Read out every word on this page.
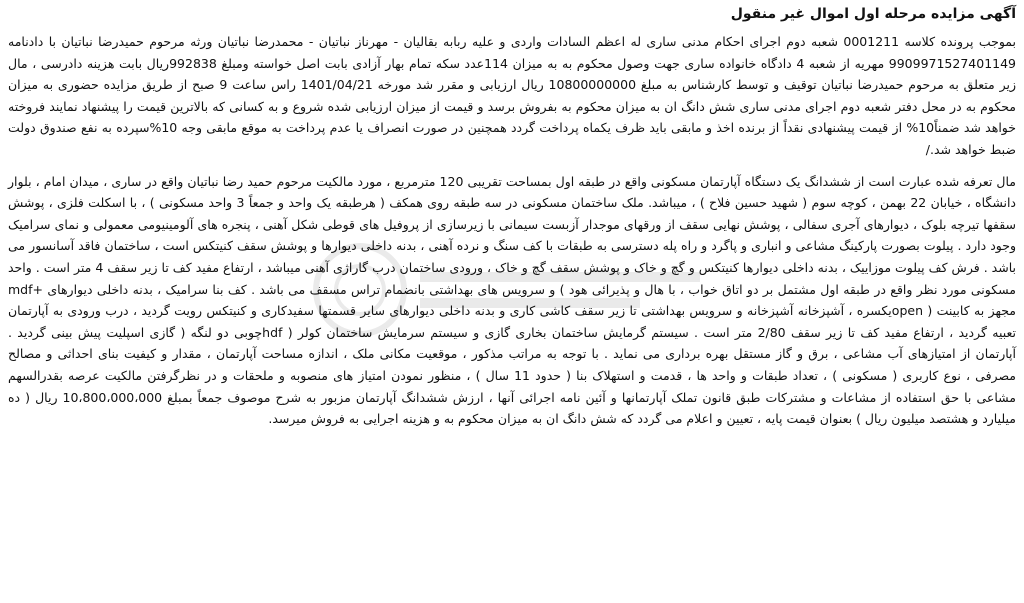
آگهی مزایده مرحله اول اموال غیر منقول

بموجب پرونده کلاسه 0001211 شعبه دوم اجرای احکام مدنی ساری له اعظم السادات واردی و علیه ربابه بقالیان - مهرناز نباتیان - محمدرضا نباتیان ورثه مرحوم حمیدرضا نباتیان با دادنامه 9909971527401149 مهریه از شعبه 4 دادگاه خانواده ساری جهت وصول محکوم به به میزان 114عدد سکه تمام بهار آزادی بابت اصل خواسته ومبلغ 992838ریال بابت هزینه دادرسی ، مال زیر متعلق به مرحوم حمیدرضا نباتیان توقیف و توسط کارشناس به مبلغ 10800000000 ریال ارزیابی و مقرر شد مورخه 1401/04/21 راس ساعت 9 صبح از طریق مزایده حضوری به میزان محکوم به در محل دفتر شعبه دوم اجرای مدنی ساری شش دانگ ان به میزان محکوم به بفروش برسد و قیمت از میزان ارزیابی شده شروع و به کسانی که بالاترین قیمت را پیشنهاد نمایند فروخته خواهد شد ضمناً10% از قیمت پیشنهادی نقداً از برنده اخذ و مابقی باید ظرف یکماه پرداخت گردد همچنین در صورت انصراف یا عدم پرداخت به موقع مابقی وجه 10%سپرده به نفع صندوق دولت ضبط خواهد شد./

مال تعرفه شده عبارت است از ششدانگ یک دستگاه آپارتمان مسکونی واقع در طبقه اول بمساحت تقریبی 120 مترمربع ، مورد مالکیت مرحوم حمید رضا نباتیان واقع در ساری ، میدان امام ، بلوار دانشگاه ، خیابان 22 بهمن ، کوچه سوم ( شهید حسین فلاح ) ، میباشد. ملک ساختمان مسکونی در سه طبقه روی همکف ( هرطبقه یک واحد و جمعاً 3 واحد مسکونی ) ، با اسکلت فلزی ، پوشش سقفها تیرچه بلوک ، دیوارهای آجری سفالی ، پوشش نهایی سقف از ورقهای موجدار آزبست سیمانی با زیرسازی از پروفیل های قوطی شکل آهنی ، پنجره های آلومینیومی معمولی و نمای سرامیک وجود دارد . پیلوت بصورت پارکینگ مشاعی و انباری و پاگرد و راه پله دسترسی به طبقات با کف سنگ و نرده آهنی ، بدنه داخلی دیوارها و پوشش سقف کنیتکس است ، ساختمان فاقد آسانسور می باشد . فرش کف پیلوت موزاییک ، بدنه داخلی دیوارها کنیتکس و گچ و خاک و پوشش سقف گچ و خاک ، ورودی ساختمان درب گاراژی آهنی میباشد ، ارتفاع مفید کف تا زیر سقف 4 متر است . واحد مسکونی مورد نظر واقع در طبقه اول مشتمل بر دو اتاق خواب ، با هال و پذیرائی هود ) و سرویس های بهداشتی بانضمام تراس مسقف می باشد . کف بنا سرامیک ، بدنه داخلی دیوارهای +mdf مجهز به کابینت ( openیکسره ، آشپزخانه آشپزخانه و سرویس بهداشتی تا زیر سقف کاشی کاری و بدنه داخلی دیوارهای سایر قسمتها سفیدکاری و کنیتکس رویت گردید ، درب ورودی به آپارتمان تعبیه گردید ، ارتفاع مفید کف تا زیر سقف 2/80 متر است . سیستم گرمایش ساختمان بخاری گازی و سیستم سرمایش ساختمان کولر ( hdfچوبی دو لنگه ( گازی اسپلیت پیش بینی گردید . آپارتمان از امتیازهای آب مشاعی ، برق و گاز مستقل بهره برداری می نماید . با توجه به مراتب مذکور ، موقعیت مکانی ملک ، اندازه مساحت آپارتمان ، مقدار و کیفیت بنای احداثی و مصالح مصرفی ، نوع کاربری ( مسکونی ) ، تعداد طبقات و واحد ها ، قدمت و استهلاک بنا ( حدود 11 سال ) ، منظور نمودن امتیاز های منصوبه و ملحقات و در نظرگرفتن مالکیت عرصه بقدرالسهم مشاعی با حق استفاده از مشاعات و مشترکات طبق قانون تملک آپارتمانها و آئین نامه اجرائی آنها ، ارزش ششدانگ آپارتمان مزبور به شرح موصوف جمعاً بمبلغ 10،800،000،000 ریال ( ده میلیارد و هشتصد میلیون ریال ) بعنوان قیمت پایه ، تعیین و اعلام می گردد که شش دانگ ان به میزان محکوم به و هزینه اجرایی به فروش میرسد.
